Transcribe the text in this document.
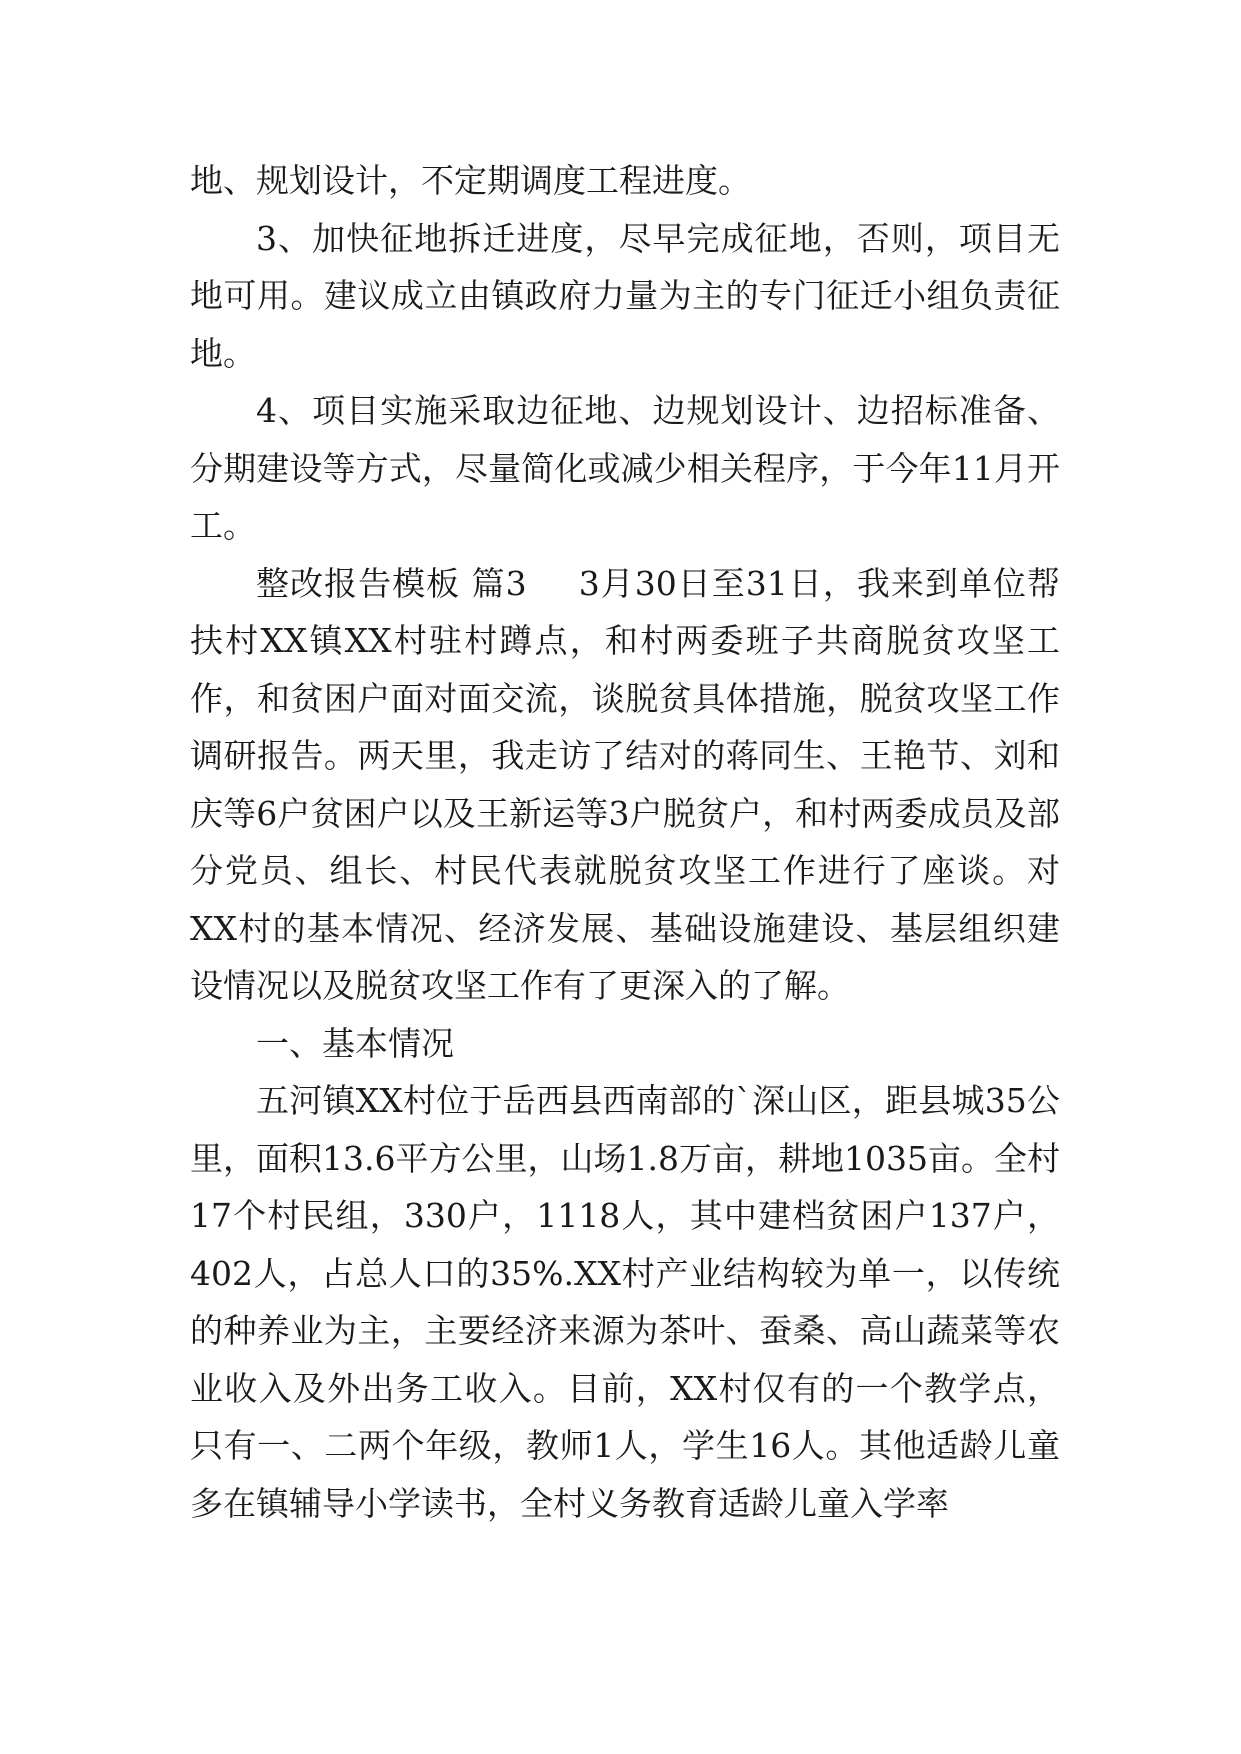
地、规划设计，不定期调度工程进度。

3、加快征地拆迁进度，尽早完成征地，否则，项目无地可用。建议成立由镇政府力量为主的专门征迁小组负责征地。

4、项目实施采取边征地、边规划设计、边招标准备、分期建设等方式，尽量简化或减少相关程序，于今年11月开工。

整改报告模板 篇3 3月30日至31日，我来到单位帮扶村XX镇XX村驻村蹲点，和村两委班子共商脱贫攻坚工作，和贫困户面对面交流，谈脱贫具体措施，脱贫攻坚工作调研报告。两天里，我走访了结对的蒋同生、王艳节、刘和庆等6户贫困户以及王新运等3户脱贫户，和村两委成员及部分党员、组长、村民代表就脱贫攻坚工作进行了座谈。对XX村的基本情况、经济发展、基础设施建设、基层组织建设情况以及脱贫攻坚工作有了更深入的了解。

一、基本情况

五河镇XX村位于岳西县西南部的`深山区，距县城35公里，面积13.6平方公里，山场1.8万亩，耕地1035亩。全村17个村民组，330户，1118人，其中建档贫困户137户，402人，占总人口的35%.XX村产业结构较为单一，以传统的种养业为主，主要经济来源为茶叶、蚕桑、高山蔬菜等农业收入及外出务工收入。目前，XX村仅有的一个教学点，只有一、二两个年级，教师1人，学生16人。其他适龄儿童多在镇辅导小学读书，全村义务教育适龄儿童入学率
